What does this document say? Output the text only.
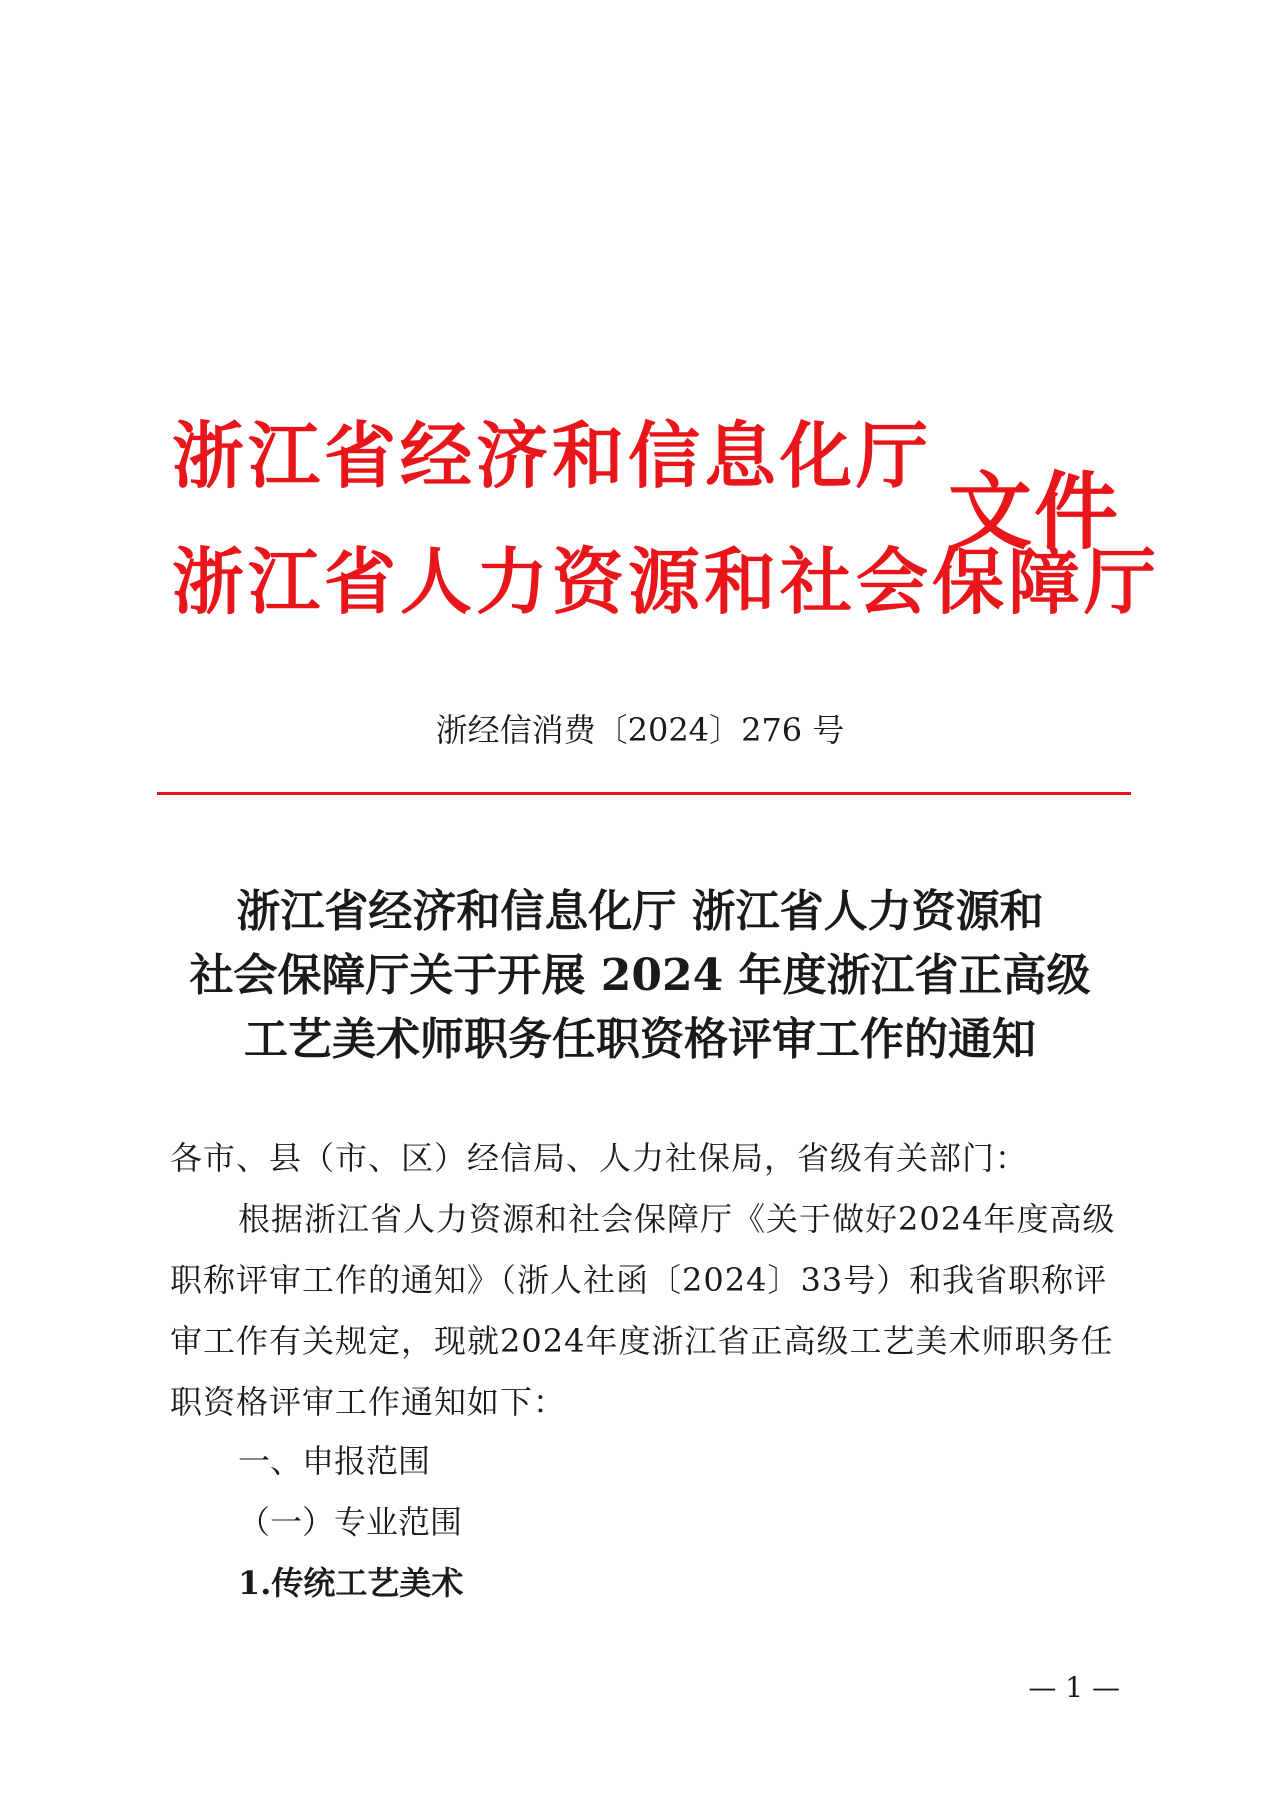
浙江省经济和信息化厅
浙江省人力资源和社会保障厅
文件
浙经信消费〔2024〕276 号
浙江省经济和信息化厅 浙江省人力资源和
社会保障厅关于开展 2024 年度浙江省正高级
工艺美术师职务任职资格评审工作的通知
各市、县（市、区）经信局、人力社保局，省级有关部门：
根据浙江省人力资源和社会保障厅《关于做好2024年度高级职称评审工作的通知》（浙人社函〔2024〕33号）和我省职称评审工作有关规定，现就2024年度浙江省正高级工艺美术师职务任职资格评审工作通知如下：
一、申报范围
（一）专业范围
1.传统工艺美术
— 1 —
